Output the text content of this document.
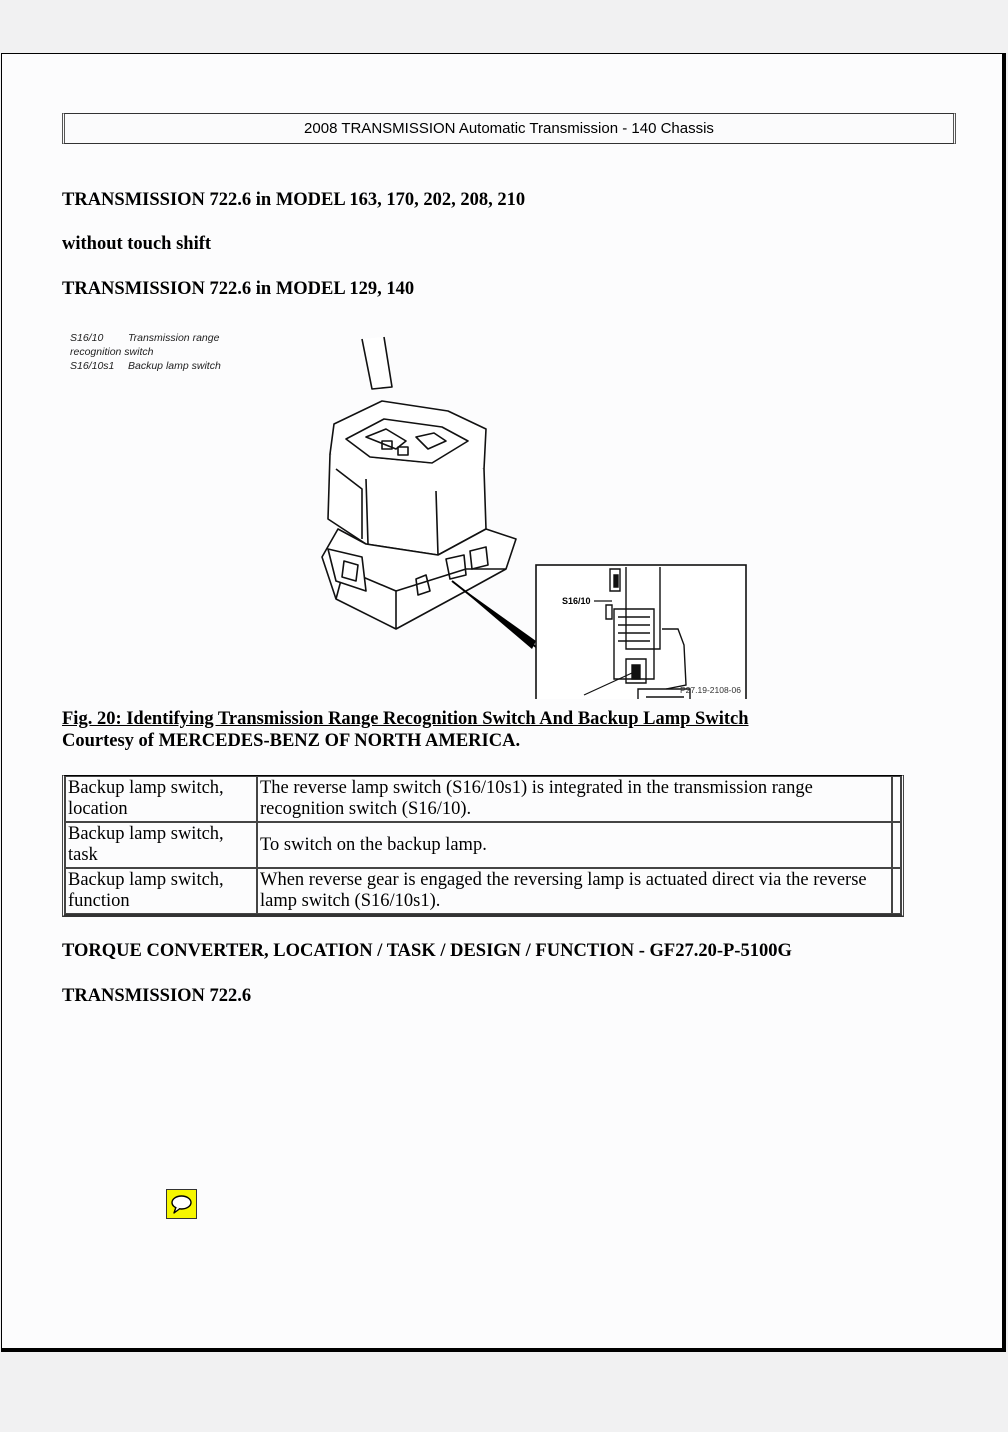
2008 TRANSMISSION Automatic Transmission - 140 Chassis
TRANSMISSION 722.6 in MODEL 163, 170, 202, 208, 210
without touch shift
TRANSMISSION 722.6 in MODEL 129, 140
S16/10 Transmission range
recognition switch
S16/10s1 Backup lamp switch
S16/10
P27.19-2108-06
Fig. 20: Identifying Transmission Range Recognition Switch And Backup Lamp Switch
Courtesy of MERCEDES-BENZ OF NORTH AMERICA.
Backup lamp switch, location	The reverse lamp switch (S16/10s1) is integrated in the transmission range recognition switch (S16/10).	
Backup lamp switch, task	To switch on the backup lamp.	
Backup lamp switch, function	When reverse gear is engaged the reversing lamp is actuated direct via the reverse lamp switch (S16/10s1).	
TORQUE CONVERTER, LOCATION / TASK / DESIGN / FUNCTION - GF27.20-P-5100G
TRANSMISSION 722.6
